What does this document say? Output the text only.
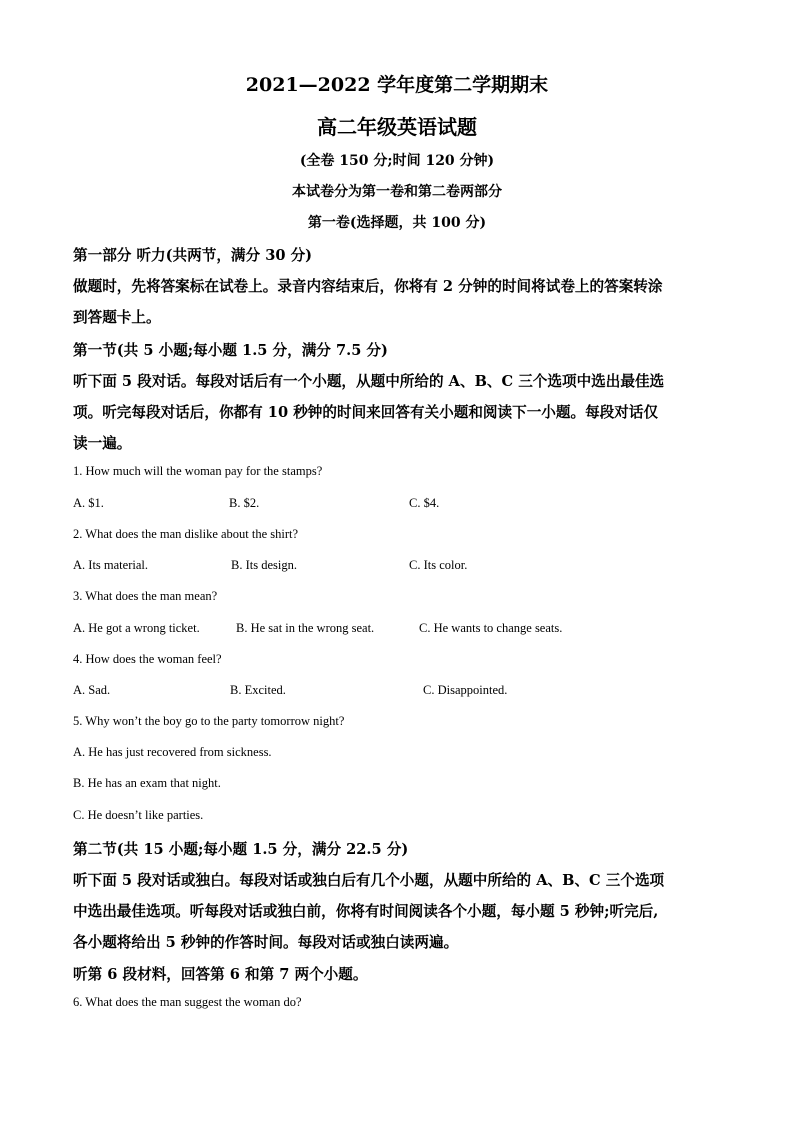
2021—2022 学年度第二学期期末
高二年级英语试题
(全卷 150 分;时间 120 分钟)
本试卷分为第一卷和第二卷两部分
第一卷(选择题，共 100 分)
第一部分 听力(共两节，满分 30 分)
做题时，先将答案标在试卷上。录音内容结束后，你将有 2 分钟的时间将试卷上的答案转涂
到答题卡上。
第一节(共 5 小题;每小题 1.5 分，满分 7.5 分)
听下面 5 段对话。每段对话后有一个小题，从题中所给的 A、B、C 三个选项中选出最佳选
项。听完每段对话后，你都有 10 秒钟的时间来回答有关小题和阅读下一小题。每段对话仅
读一遍。
1. How much will the woman pay for the stamps?
A. $1.	B. $2.	C. $4.
2. What does the man dislike about the shirt?
A. Its material.	B. Its design.	C. Its color.
3. What does the man mean?
A. He got a wrong ticket.	B. He sat in the wrong seat.	C. He wants to change seats.
4. How does the woman feel?
A. Sad.	B. Excited.	C. Disappointed.
5. Why won’t the boy go to the party tomorrow night?
A. He has just recovered from sickness.
B. He has an exam that night.
C. He doesn’t like parties.
第二节(共 15 小题;每小题 1.5 分，满分 22.5 分)
听下面 5 段对话或独白。每段对话或独白后有几个小题，从题中所给的 A、B、C 三个选项
中选出最佳选项。听每段对话或独白前，你将有时间阅读各个小题，每小题 5 秒钟;听完后,
各小题将给出 5 秒钟的作答时间。每段对话或独白读两遍。
听第 6 段材料，回答第 6 和第 7 两个小题。
6. What does the man suggest the woman do?
